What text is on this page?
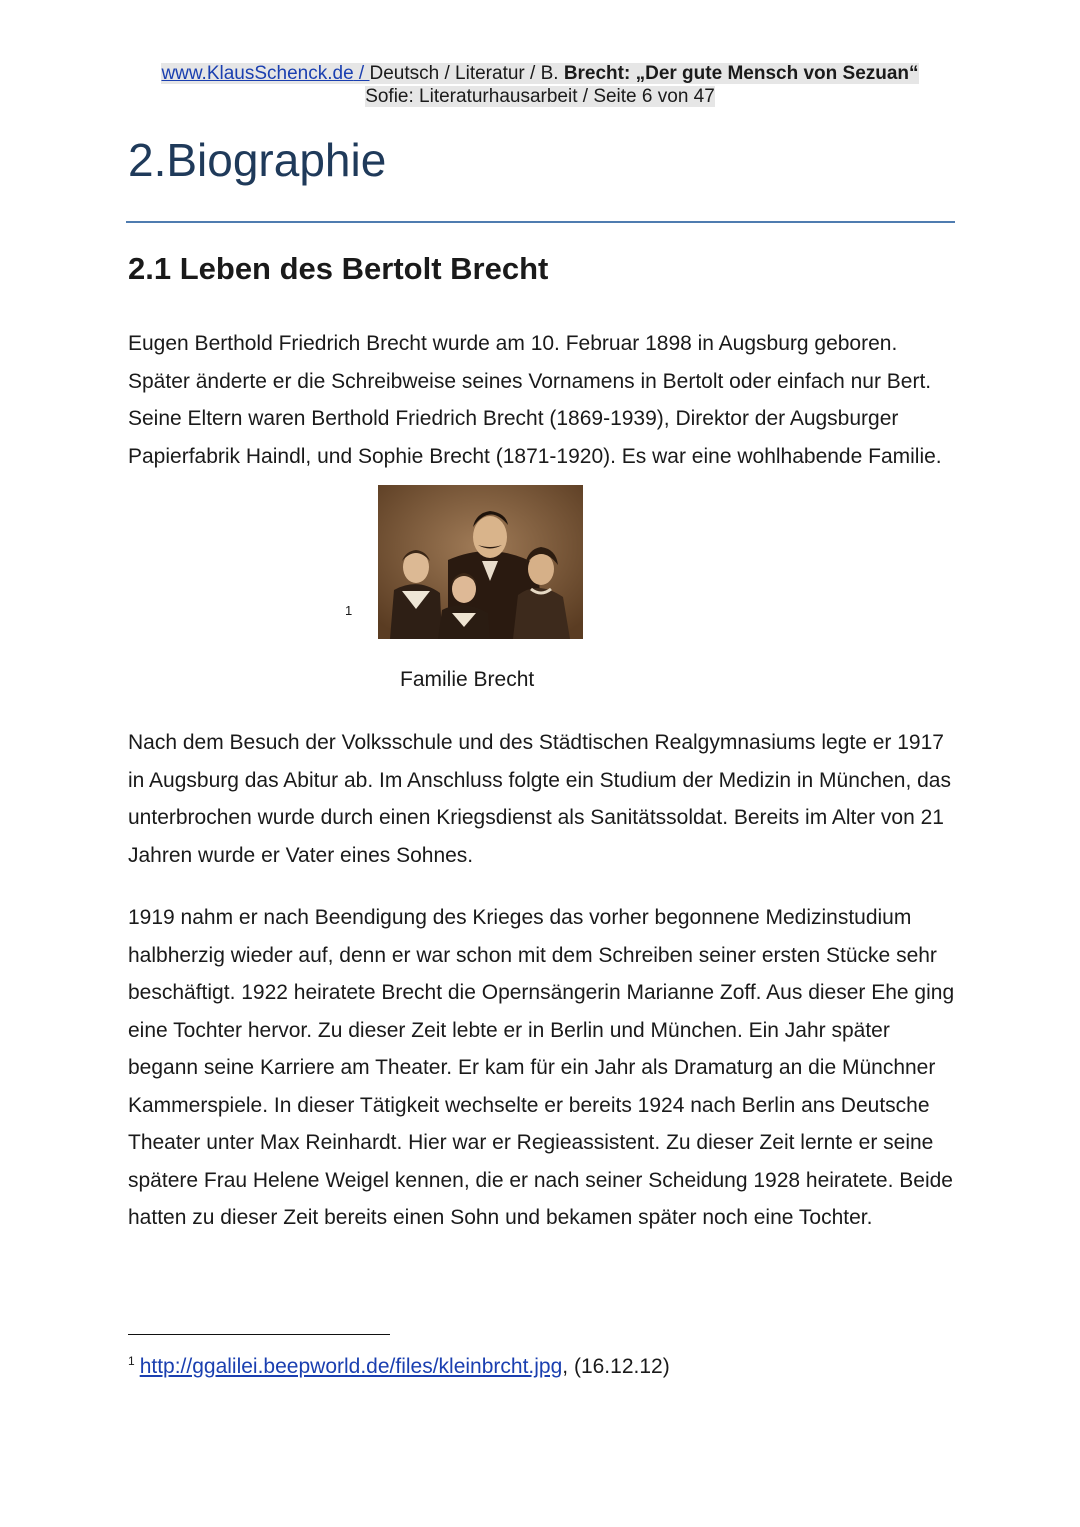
www.KlausSchenck.de / Deutsch / Literatur / B. Brecht: „Der gute Mensch von Sezuan“
Sofie: Literaturhausarbeit / Seite 6 von 47
2.Biographie
2.1 Leben des Bertolt Brecht

Eugen Berthold Friedrich Brecht wurde am 10. Februar 1898 in Augsburg geboren. Später änderte er die Schreibweise seines Vornamens in Bertolt oder einfach nur Bert. Seine Eltern waren Berthold Friedrich Brecht (1869-1939), Direktor der Augsburger Papierfabrik Haindl, und Sophie Brecht (1871-1920). Es war eine wohlhabende Familie.

1
Familie Brecht

Nach dem Besuch der Volksschule und des Städtischen Realgymnasiums legte er 1917 in Augsburg das Abitur ab. Im Anschluss folgte ein Studium der Medizin in München, das unterbrochen wurde durch einen Kriegsdienst als Sanitätssoldat. Bereits im Alter von 21 Jahren wurde er Vater eines Sohnes.

1919 nahm er nach Beendigung des Krieges das vorher begonnene Medizinstudium halbherzig wieder auf, denn er war schon mit dem Schreiben seiner ersten Stücke sehr beschäftigt. 1922 heiratete Brecht die Opernsängerin Marianne Zoff. Aus dieser Ehe ging eine Tochter hervor. Zu dieser Zeit lebte er in Berlin und München. Ein Jahr später begann seine Karriere am Theater. Er kam für ein Jahr als Dramaturg an die Münchner Kammerspiele. In dieser Tätigkeit wechselte er bereits 1924 nach Berlin ans Deutsche Theater unter Max Reinhardt. Hier war er Regieassistent. Zu dieser Zeit lernte er seine spätere Frau Helene Weigel kennen, die er nach seiner Scheidung 1928 heiratete. Beide hatten zu dieser Zeit bereits einen Sohn und bekamen später noch eine Tochter.

$^1$ http://ggalilei.beepworld.de/files/kleinbrcht.jpg, (16.12.12)
